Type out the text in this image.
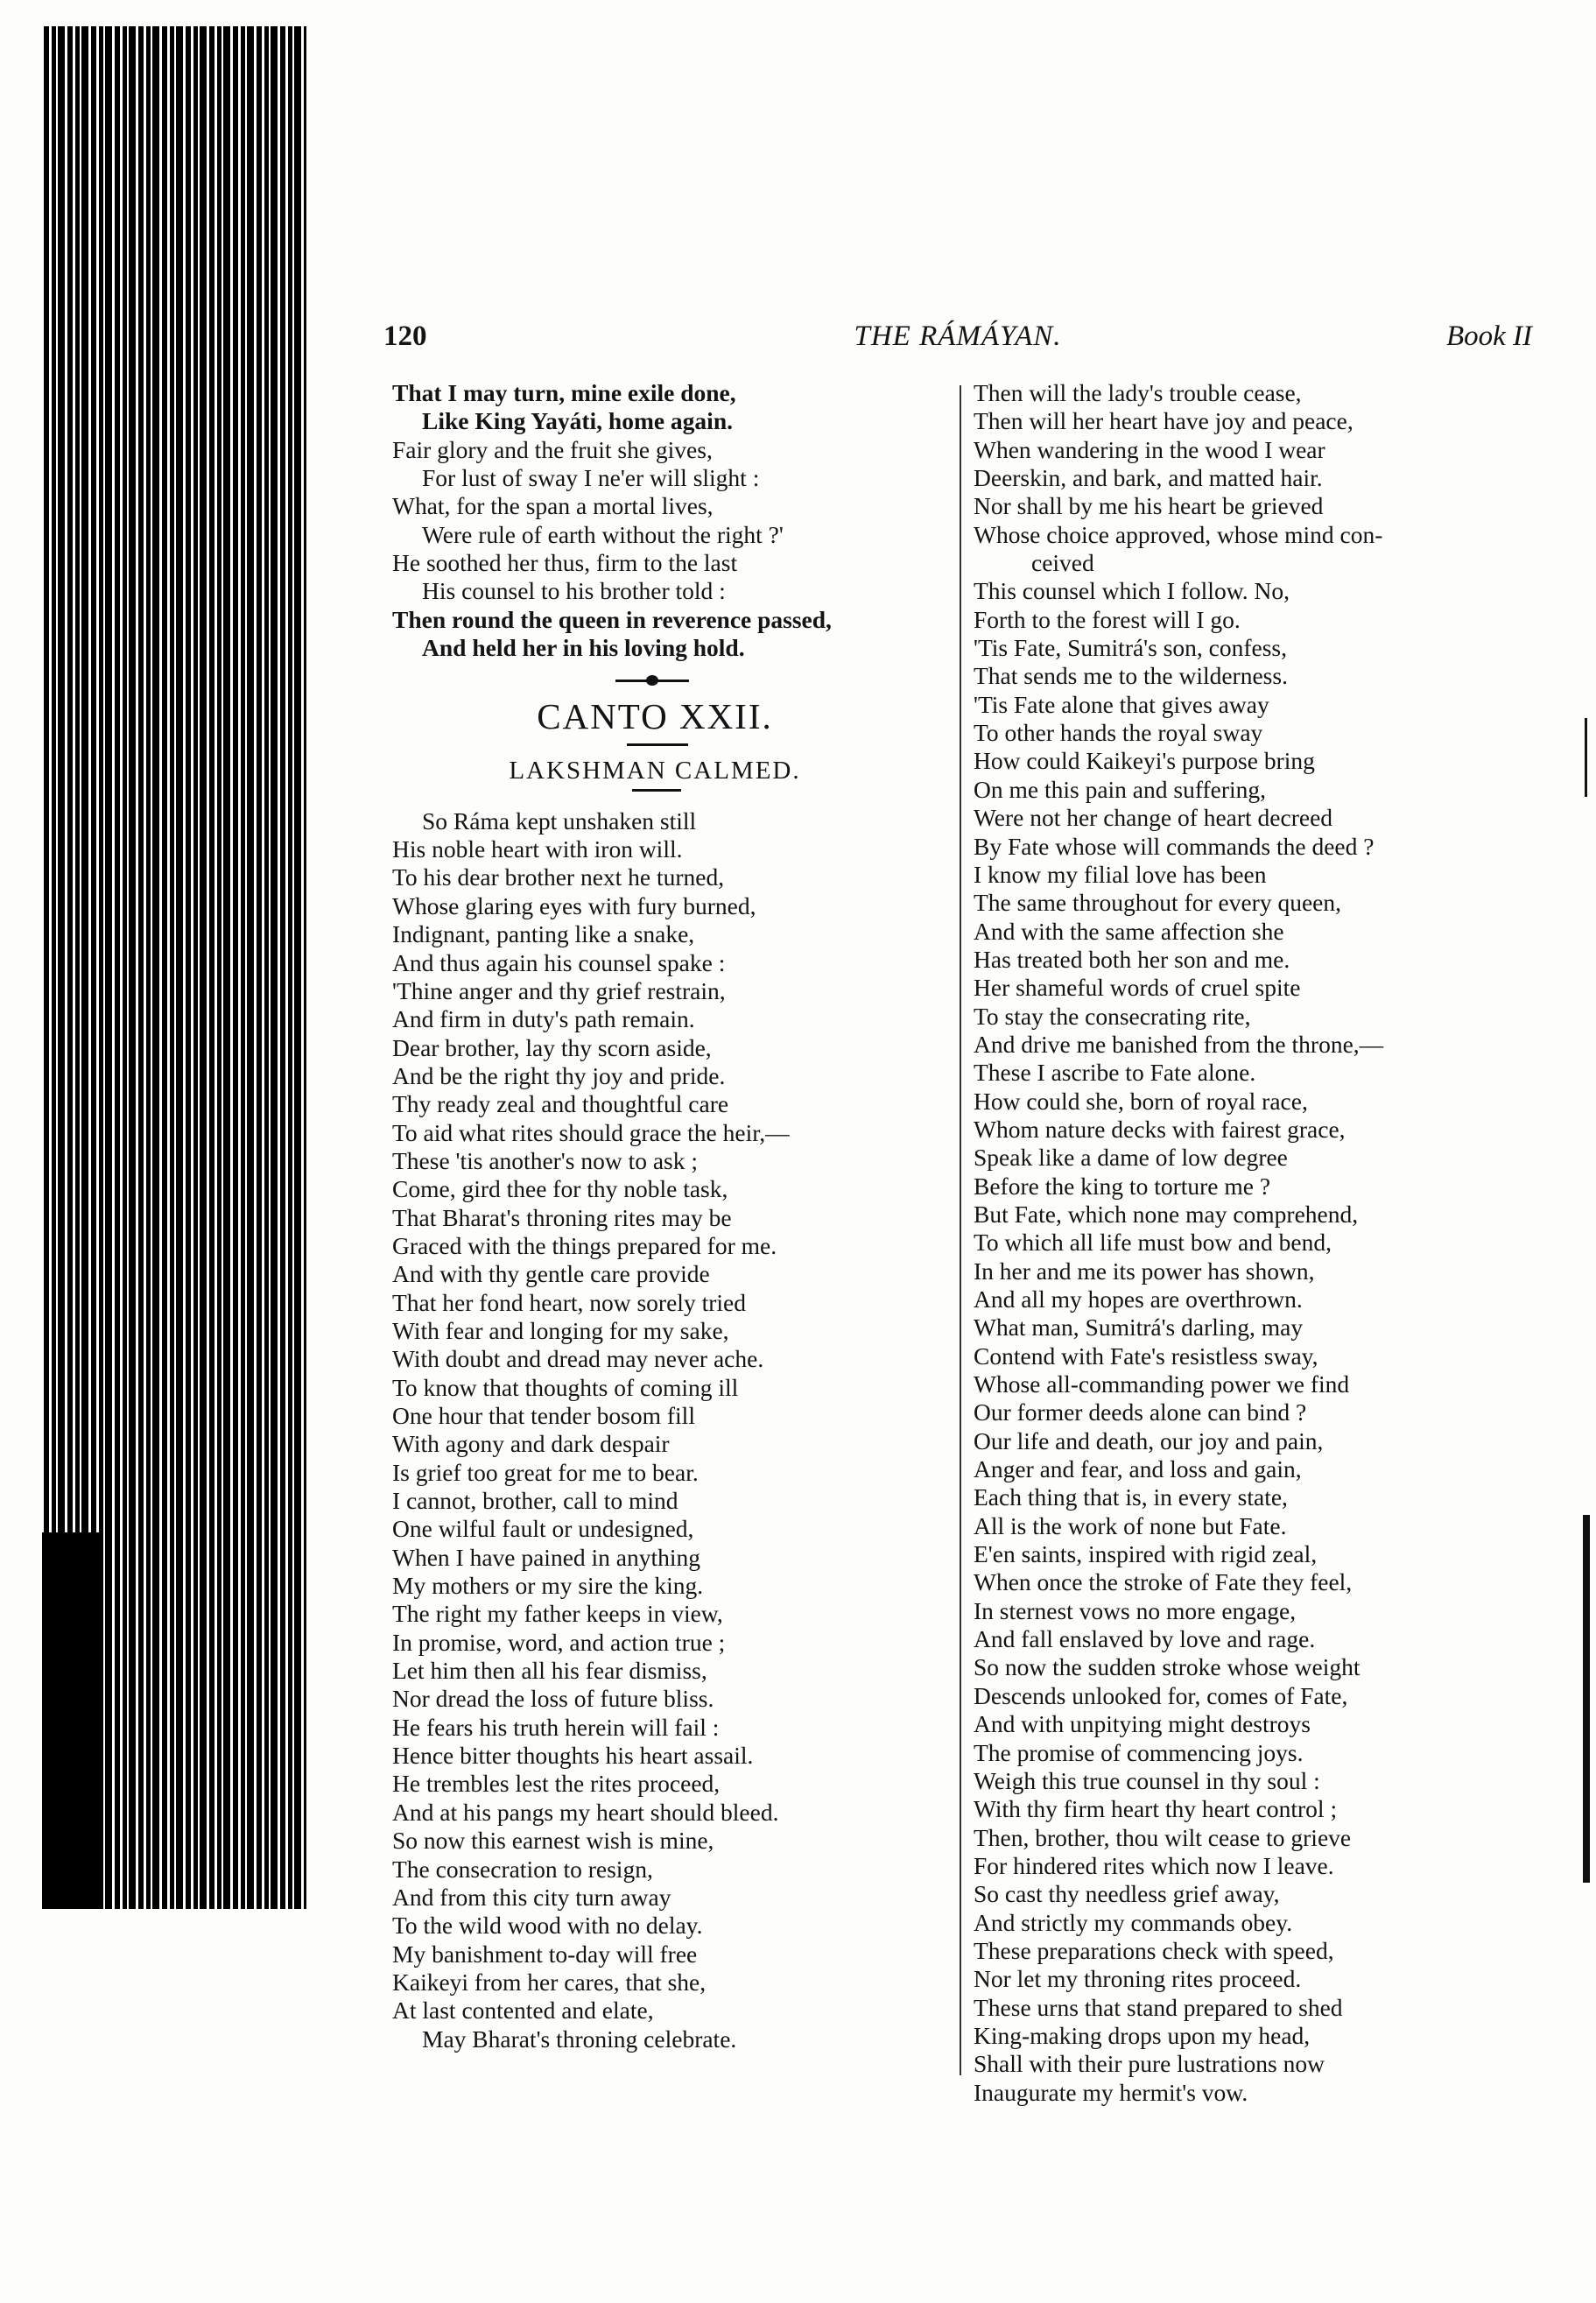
120	THE RÁMÁYAN.	Book II
That I may turn, mine exile done,
Like King Yayáti, home again.
Fair glory and the fruit she gives,
For lust of sway I ne'er will slight :
What, for the span a mortal lives,
Were rule of earth without the right ?'
He soothed her thus, firm to the last
His counsel to his brother told :
Then round the queen in reverence passed,
And held her in his loving hold.
CANTO XXII.
LAKSHMAN CALMED.
So Ráma kept unshaken still
His noble heart with iron will.
To his dear brother next he turned,
Whose glaring eyes with fury burned,
Indignant, panting like a snake,
And thus again his counsel spake :
'Thine anger and thy grief restrain,
And firm in duty's path remain.
Dear brother, lay thy scorn aside,
And be the right thy joy and pride.
Thy ready zeal and thoughtful care
To aid what rites should grace the heir,—
These 'tis another's now to ask ;
Come, gird thee for thy noble task,
That Bharat's throning rites may be
Graced with the things prepared for me.
And with thy gentle care provide
That her fond heart, now sorely tried
With fear and longing for my sake,
With doubt and dread may never ache.
To know that thoughts of coming ill
One hour that tender bosom fill
With agony and dark despair
Is grief too great for me to bear.
I cannot, brother, call to mind
One wilful fault or undesigned,
When I have pained in anything
My mothers or my sire the king.
The right my father keeps in view,
In promise, word, and action true ;
Let him then all his fear dismiss,
Nor dread the loss of future bliss.
He fears his truth herein will fail :
Hence bitter thoughts his heart assail.
He trembles lest the rites proceed,
And at his pangs my heart should bleed.
So now this earnest wish is mine,
The consecration to resign,
And from this city turn away
To the wild wood with no delay.
My banishment to-day will free
Kaikeyi from her cares, that she,
At last contented and elate,
May Bharat's throning celebrate.
Then will the lady's trouble cease,
Then will her heart have joy and peace,
When wandering in the wood I wear
Deerskin, and bark, and matted hair.
Nor shall by me his heart be grieved
Whose choice approved, whose mind con-
ceived
This counsel which I follow. No,
Forth to the forest will I go.
'Tis Fate, Sumitrá's son, confess,
That sends me to the wilderness.
'Tis Fate alone that gives away
To other hands the royal sway
How could Kaikeyi's purpose bring
On me this pain and suffering,
Were not her change of heart decreed
By Fate whose will commands the deed ?
I know my filial love has been
The same throughout for every queen,
And with the same affection she
Has treated both her son and me.
Her shameful words of cruel spite
To stay the consecrating rite,
And drive me banished from the throne,—
These I ascribe to Fate alone.
How could she, born of royal race,
Whom nature decks with fairest grace,
Speak like a dame of low degree
Before the king to torture me ?
But Fate, which none may comprehend,
To which all life must bow and bend,
In her and me its power has shown,
And all my hopes are overthrown.
What man, Sumitrá's darling, may
Contend with Fate's resistless sway,
Whose all-commanding power we find
Our former deeds alone can bind ?
Our life and death, our joy and pain,
Anger and fear, and loss and gain,
Each thing that is, in every state,
All is the work of none but Fate.
E'en saints, inspired with rigid zeal,
When once the stroke of Fate they feel,
In sternest vows no more engage,
And fall enslaved by love and rage.
So now the sudden stroke whose weight
Descends unlooked for, comes of Fate,
And with unpitying might destroys
The promise of commencing joys.
Weigh this true counsel in thy soul :
With thy firm heart thy heart control ;
Then, brother, thou wilt cease to grieve
For hindered rites which now I leave.
So cast thy needless grief away,
And strictly my commands obey.
These preparations check with speed,
Nor let my throning rites proceed.
These urns that stand prepared to shed
King-making drops upon my head,
Shall with their pure lustrations now
Inaugurate my hermit's vow.
